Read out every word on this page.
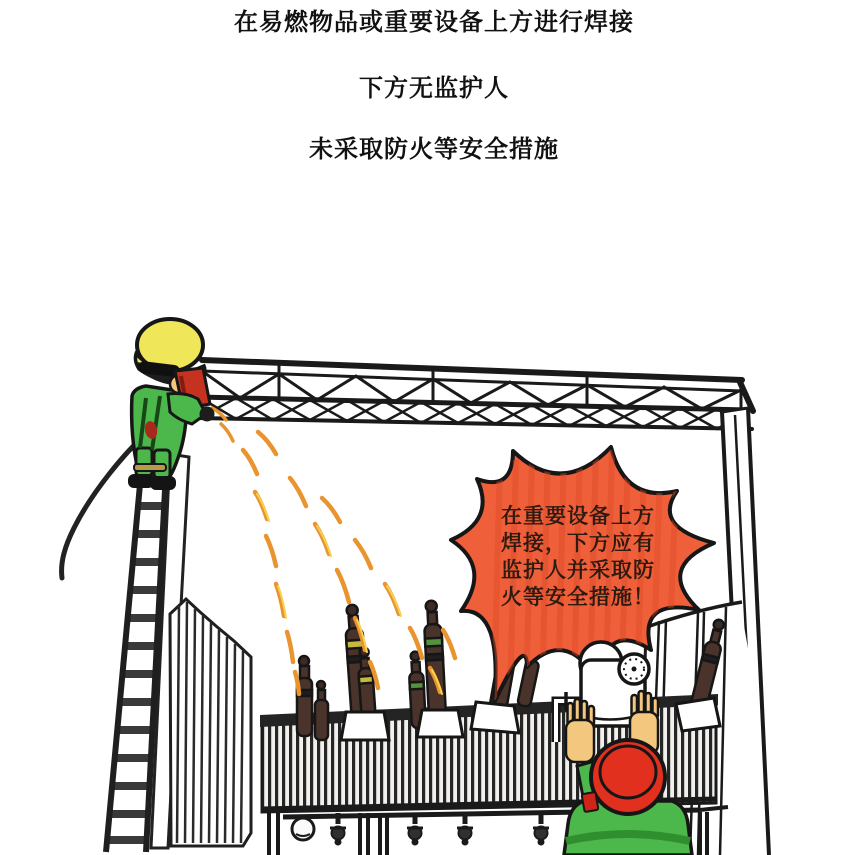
在易燃物品或重要设备上方进行焊接
下方无监护人
未采取防火等安全措施
在重要设备上方
焊接，下方应有
监护人并采取防
火等安全措施！
